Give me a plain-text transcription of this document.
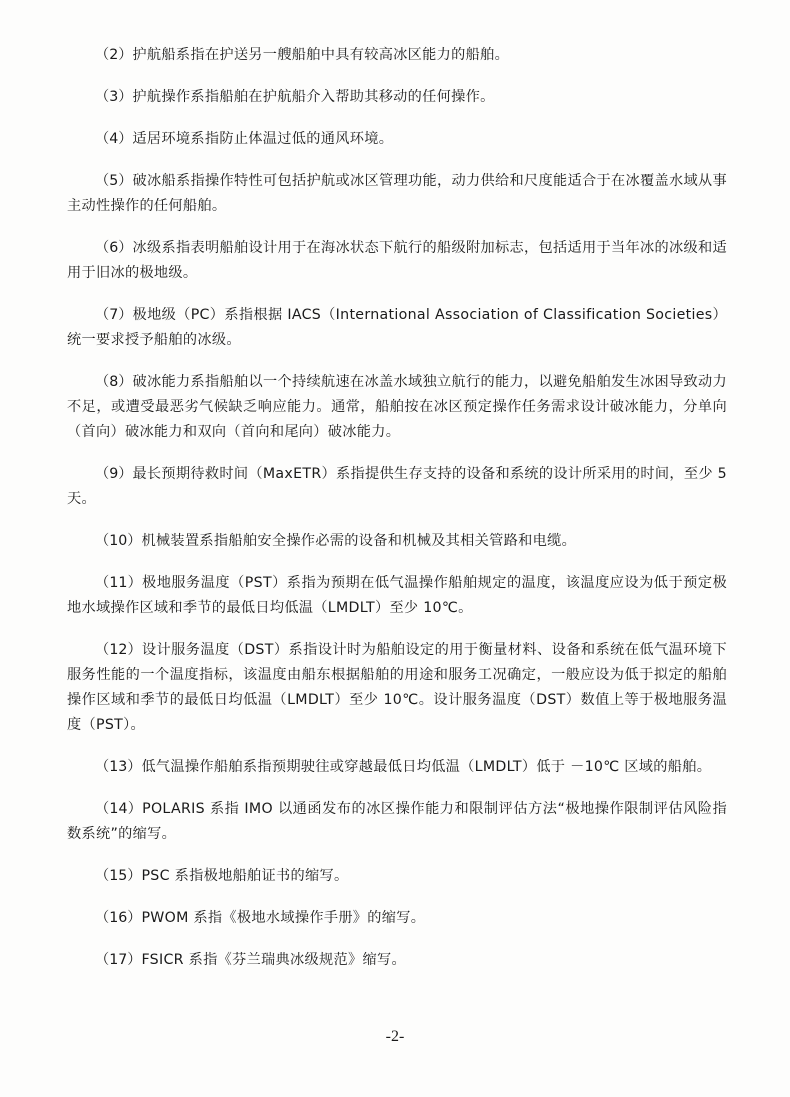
（2）护航船系指在护送另一艘船舶中具有较高冰区能力的船舶。

（3）护航操作系指船舶在护航船介入帮助其移动的任何操作。

（4）适居环境系指防止体温过低的通风环境。

（5）破冰船系指操作特性可包括护航或冰区管理功能，动力供给和尺度能适合于在冰覆盖水域从事主动性操作的任何船舶。

（6）冰级系指表明船舶设计用于在海冰状态下航行的船级附加标志，包括适用于当年冰的冰级和适用于旧冰的极地级。

（7）极地级（PC）系指根据 IACS（International Association of Classification Societies）统一要求授予船舶的冰级。

（8）破冰能力系指船舶以一个持续航速在冰盖水域独立航行的能力，以避免船舶发生冰困导致动力不足，或遭受最恶劣气候缺乏响应能力。通常，船舶按在冰区预定操作任务需求设计破冰能力，分单向（首向）破冰能力和双向（首向和尾向）破冰能力。

（9）最长预期待救时间（MaxETR）系指提供生存支持的设备和系统的设计所采用的时间，至少 5 天。

（10）机械装置系指船舶安全操作必需的设备和机械及其相关管路和电缆。

（11）极地服务温度（PST）系指为预期在低气温操作船舶规定的温度，该温度应设为低于预定极地水域操作区域和季节的最低日均低温（LMDLT）至少 10℃。

（12）设计服务温度（DST）系指设计时为船舶设定的用于衡量材料、设备和系统在低气温环境下服务性能的一个温度指标，该温度由船东根据船舶的用途和服务工况确定，一般应设为低于拟定的船舶操作区域和季节的最低日均低温（LMDLT）至少 10℃。设计服务温度（DST）数值上等于极地服务温度（PST）。

（13）低气温操作船舶系指预期驶往或穿越最低日均低温（LMDLT）低于 －10℃ 区域的船舶。

（14）POLARIS 系指 IMO 以通函发布的冰区操作能力和限制评估方法“极地操作限制评估风险指数系统”的缩写。

（15）PSC 系指极地船舶证书的缩写。

（16）PWOM 系指《极地水域操作手册》的缩写。

（17）FSICR 系指《芬兰瑞典冰级规范》缩写。

-2-
